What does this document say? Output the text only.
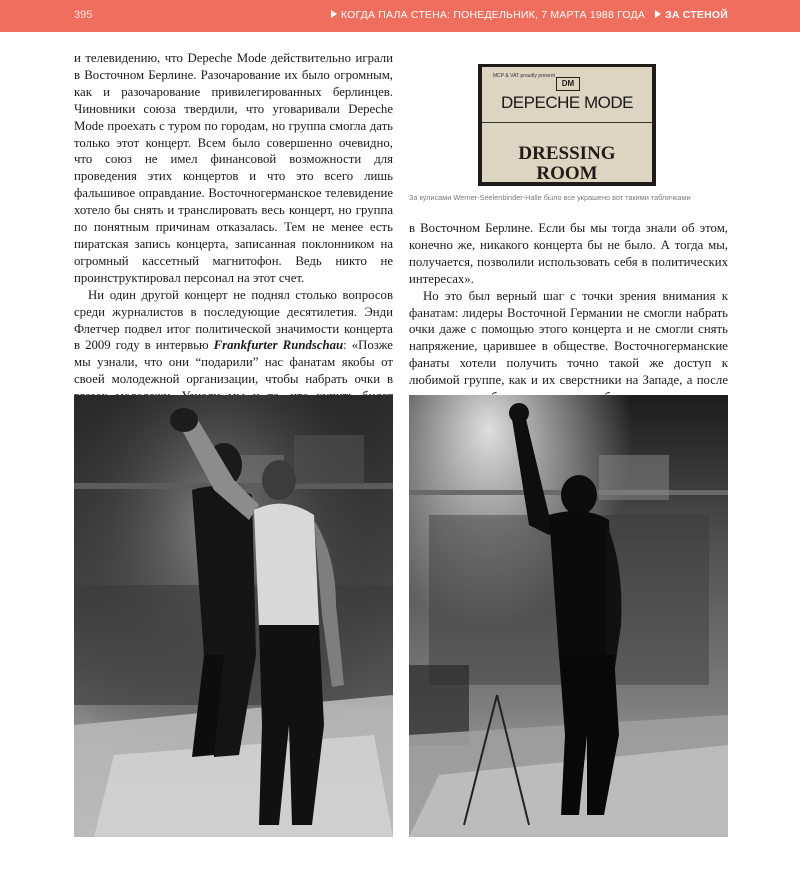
395	КОГДА ПАЛА СТЕНА: ПОНЕДЕЛЬНИК, 7 МАРТА 1988 ГОДА ЗА СТЕНОЙ

и телевидению, что Depeche Mode действительно играли в Восточном Берлине. Разочарование их было огромным, как и разочарование привилегированных берлинцев. Чиновники союза твердили, что уговаривали Depeche Mode проехать с туром по городам, но группа смогла дать только этот концерт. Всем было совершенно очевидно, что союз не имел финансовой возможности для проведения этих концертов и что это всего лишь фальшивое оправдание. Восточногерманское телевидение хотело бы снять и транслировать весь концерт, но группа по понятным причинам отказалась. Тем не менее есть пиратская запись концерта, записанная поклонником на огромный кассетный магнитофон. Ведь никто не проинструктировал персонал на этот счет.

Ни один другой концерт не поднял столько вопросов среди журналистов в последующие десятилетия. Энди Флетчер подвел итог политической значимости концерта в 2009 году в интервью Frankfurter Rundschau: «Позже мы узнали, что они “подарили” нас фанатам якобы от своей молодежной организации, чтобы набрать очки в

MCP & VAT proudly present
DM
DEPECHE MODE
DRESSING
ROOM
За кулисами Werner-Seelenbinder-Halle было все украшено вот такими табличками

в Восточном Берлине. Если бы мы тогда знали об этом, конечно же, никакого концерта бы не было. А тогда мы, получается, позволили использовать себя в политических интересах».

Но это был верный шаг с точки зрения внимания к фанатам: лидеры Восточной Германии не смогли набрать очки даже с помощью этого концерта и не смогли снять напряжение, царившее в обществе. Восточногерманские фанаты хотели получить точно такой же доступ к любимой группе, как и их сверстники на Западе, а после
